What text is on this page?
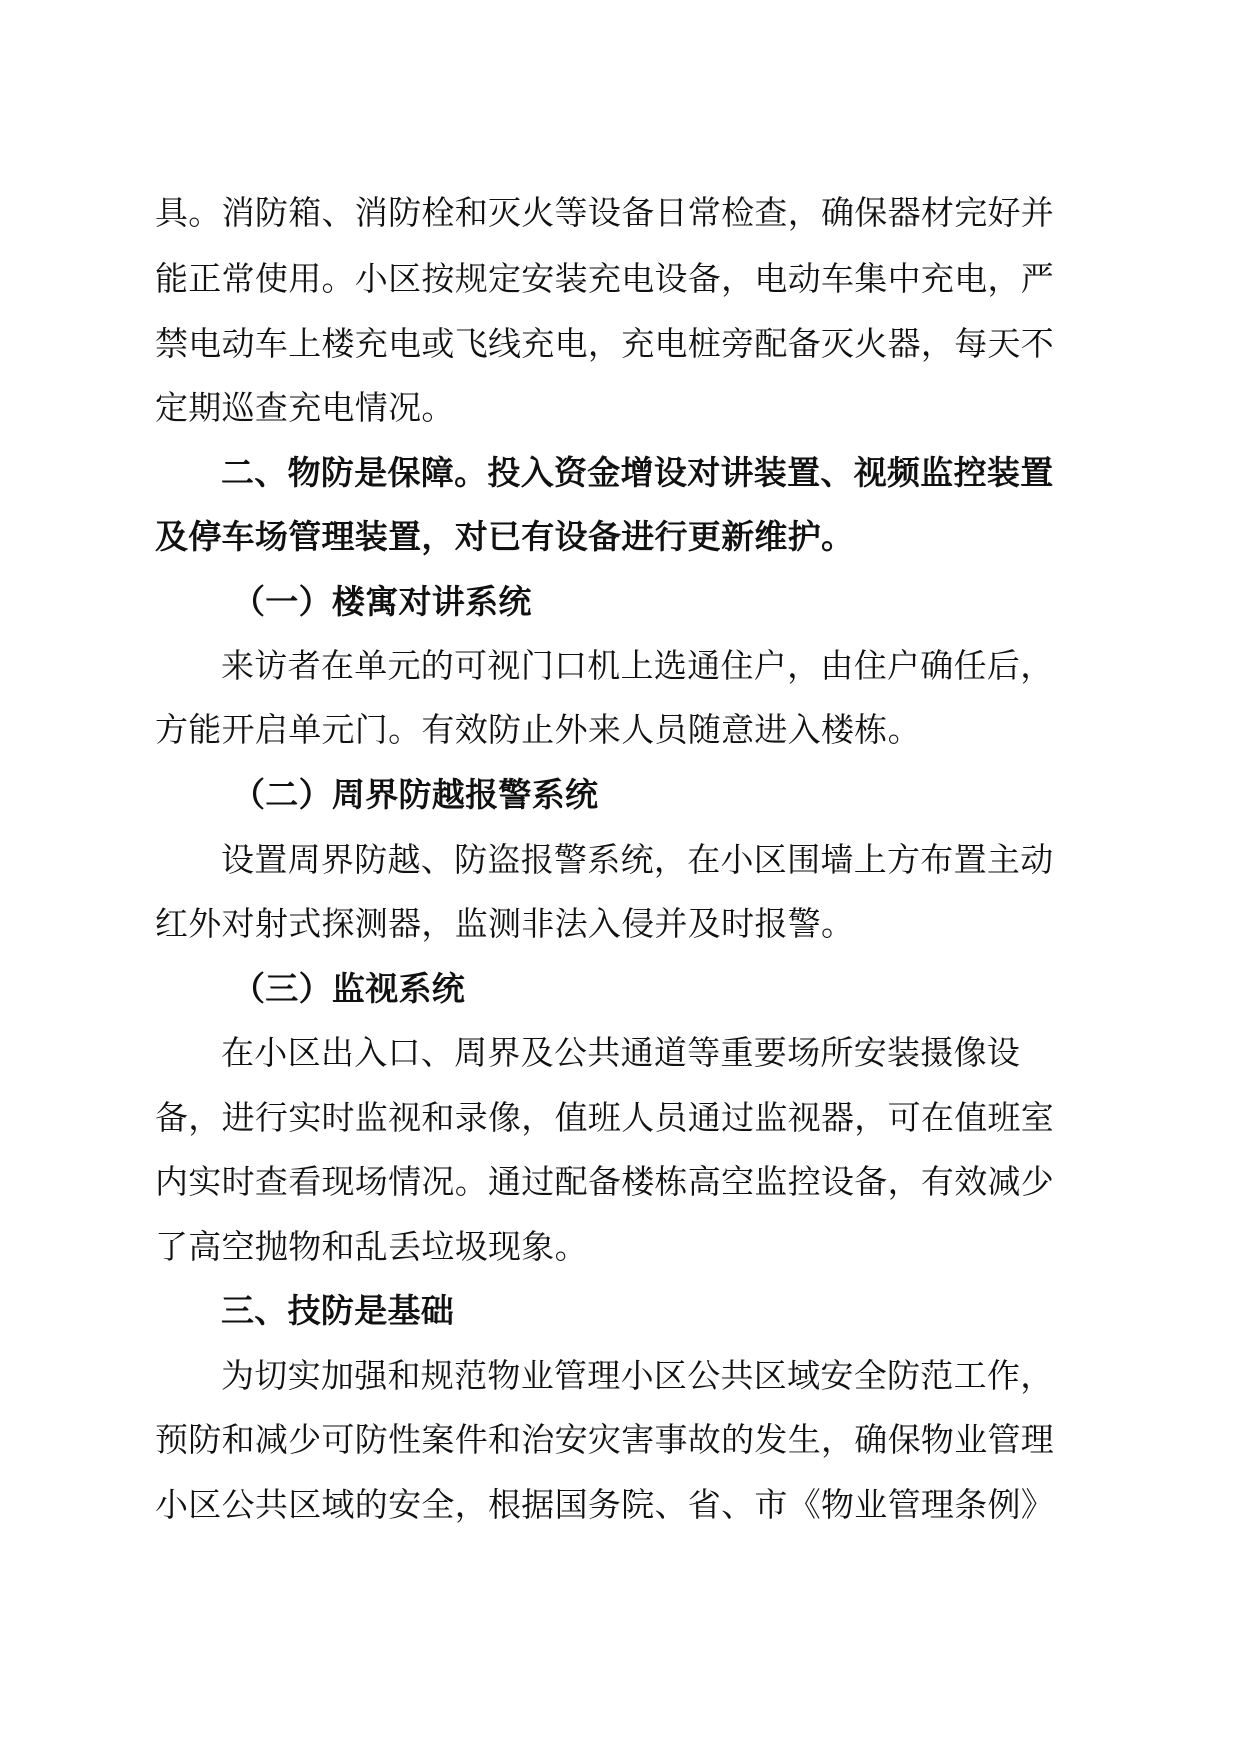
具。消防箱、消防栓和灭火等设备日常检查，确保器材完好并
能正常使用。小区按规定安装充电设备，电动车集中充电，严
禁电动车上楼充电或飞线充电，充电桩旁配备灭火器，每天不
定期巡查充电情况。
二、物防是保障。投入资金增设对讲装置、视频监控装置
及停车场管理装置，对已有设备进行更新维护。
（一）楼寓对讲系统
来访者在单元的可视门口机上选通住户，由住户确任后，
方能开启单元门。有效防止外来人员随意进入楼栋。
（二）周界防越报警系统
设置周界防越、防盗报警系统，在小区围墙上方布置主动
红外对射式探测器，监测非法入侵并及时报警。
（三）监视系统
在小区出入口、周界及公共通道等重要场所安装摄像设
备，进行实时监视和录像，值班人员通过监视器，可在值班室
内实时查看现场情况。通过配备楼栋高空监控设备，有效减少
了高空抛物和乱丢垃圾现象。
三、技防是基础
为切实加强和规范物业管理小区公共区域安全防范工作，
预防和减少可防性案件和治安灾害事故的发生，确保物业管理
小区公共区域的安全，根据国务院、省、市《物业管理条例》
